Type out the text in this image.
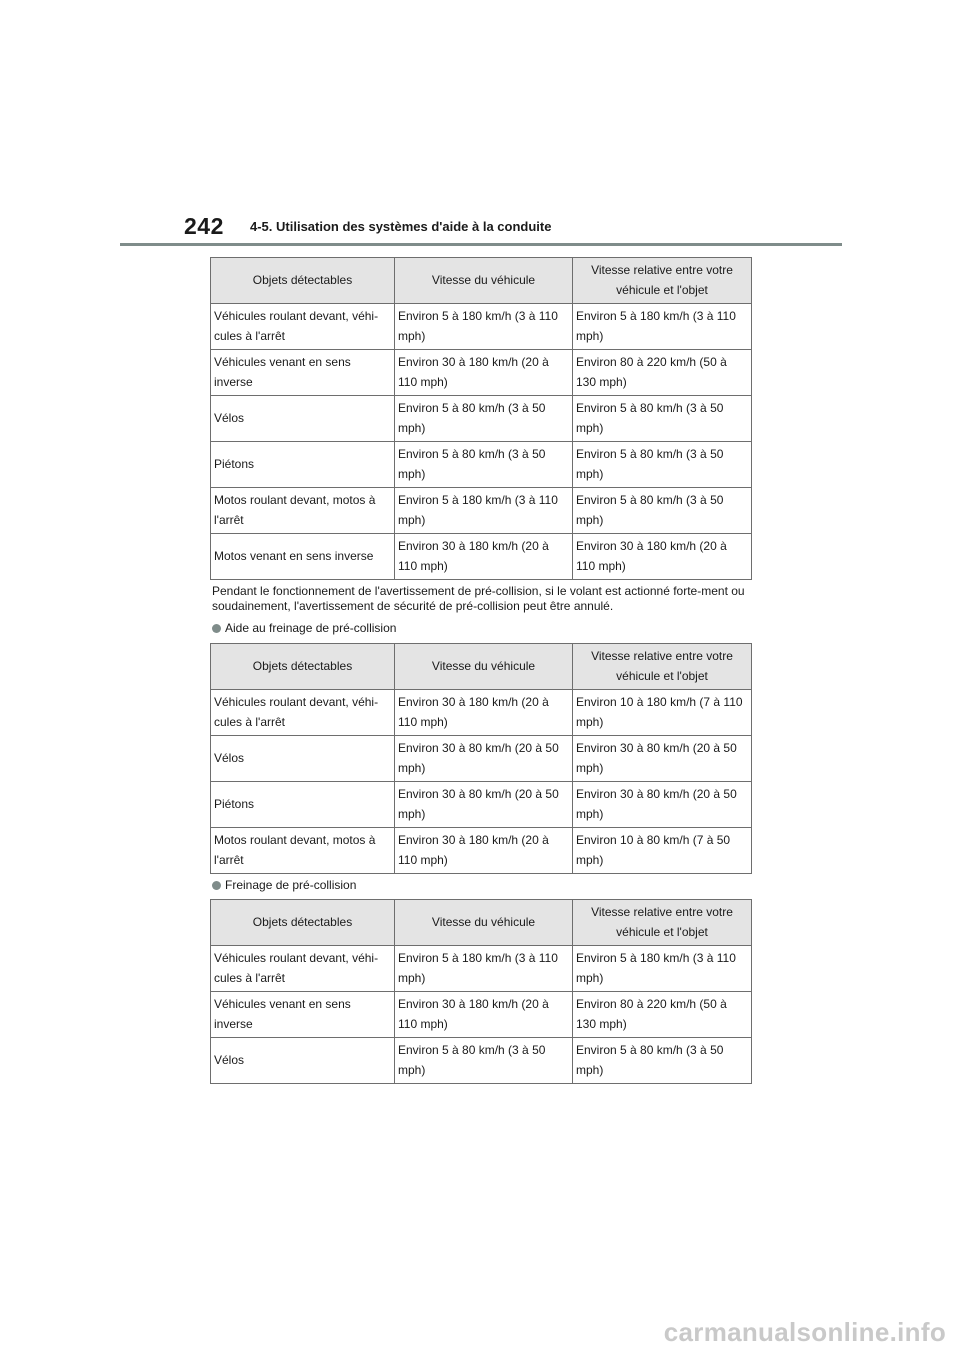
242 4-5. Utilisation des systèmes d'aide à la conduite
Objets détectables	Vitesse du véhicule	Vitesse relative entre votre véhicule et l'objet
Véhicules roulant devant, véhi-cules à l'arrêt	Environ 5 à 180 km/h (3 à 110 mph)	Environ 5 à 180 km/h (3 à 110 mph)
Véhicules venant en sens inverse	Environ 30 à 180 km/h (20 à 110 mph)	Environ 80 à 220 km/h (50 à 130 mph)
Vélos	Environ 5 à 80 km/h (3 à 50 mph)	Environ 5 à 80 km/h (3 à 50 mph)
Piétons	Environ 5 à 80 km/h (3 à 50 mph)	Environ 5 à 80 km/h (3 à 50 mph)
Motos roulant devant, motos à l'arrêt	Environ 5 à 180 km/h (3 à 110 mph)	Environ 5 à 80 km/h (3 à 50 mph)
Motos venant en sens inverse	Environ 30 à 180 km/h (20 à 110 mph)	Environ 30 à 180 km/h (20 à 110 mph)
Pendant le fonctionnement de l'avertissement de pré-collision, si le volant est actionné forte-ment ou soudainement, l'avertissement de sécurité de pré-collision peut être annulé.
Aide au freinage de pré-collision
Objets détectables	Vitesse du véhicule	Vitesse relative entre votre véhicule et l'objet
Véhicules roulant devant, véhi-cules à l'arrêt	Environ 30 à 180 km/h (20 à 110 mph)	Environ 10 à 180 km/h (7 à 110 mph)
Vélos	Environ 30 à 80 km/h (20 à 50 mph)	Environ 30 à 80 km/h (20 à 50 mph)
Piétons	Environ 30 à 80 km/h (20 à 50 mph)	Environ 30 à 80 km/h (20 à 50 mph)
Motos roulant devant, motos à l'arrêt	Environ 30 à 180 km/h (20 à 110 mph)	Environ 10 à 80 km/h (7 à 50 mph)
Freinage de pré-collision
Objets détectables	Vitesse du véhicule	Vitesse relative entre votre véhicule et l'objet
Véhicules roulant devant, véhi-cules à l'arrêt	Environ 5 à 180 km/h (3 à 110 mph)	Environ 5 à 180 km/h (3 à 110 mph)
Véhicules venant en sens inverse	Environ 30 à 180 km/h (20 à 110 mph)	Environ 80 à 220 km/h (50 à 130 mph)
Vélos	Environ 5 à 80 km/h (3 à 50 mph)	Environ 5 à 80 km/h (3 à 50 mph)
carmanualsonline.info
